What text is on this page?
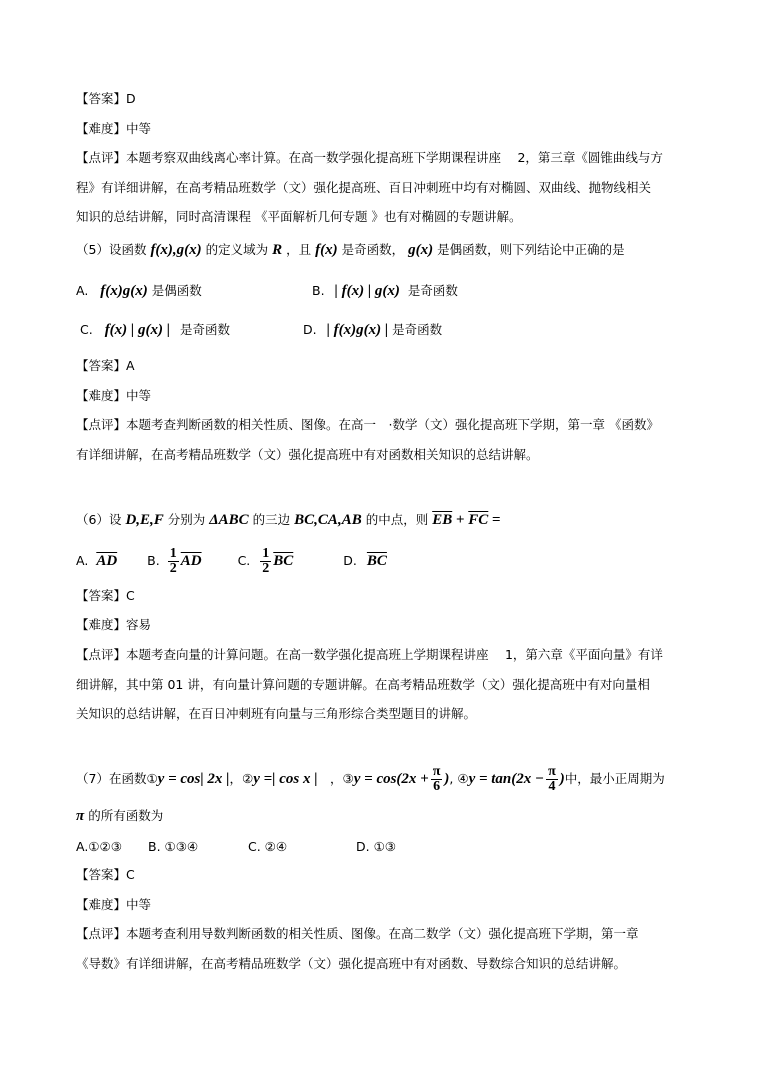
【答案】D
【难度】中等
【点评】本题考察双曲线离心率计算。在高一数学强化提高班下学期课程讲座　 2，第三章《圆锥曲线与方
程》有详细讲解，在高考精品班数学（文）强化提高班、百日冲刺班中均有对椭圆、双曲线、抛物线相关
知识的总结讲解，同时高清课程 《平面解析几何专题 》也有对椭圆的专题讲解。
（5）设函数 f(x),g(x) 的定义域为 R ，且 f(x) 是奇函数， g(x) 是偶函数，则下列结论中正确的是
A. f(x)g(x) 是偶函数	B. | f(x) | g(x) 是奇函数
C. f(x) | g(x) | 是奇函数	D. | f(x)g(x) | 是奇函数
【答案】A
【难度】中等
【点评】本题考查判断函数的相关性质、图像。在高一　·数学（文）强化提高班下学期，第一章 《函数》
有详细讲解，在高考精品班数学（文）强化提高班中有对函数相关知识的总结讲解。
（6）设 D,E,F 分别为 ΔABC 的三边 BC,CA,AB 的中点，则 $\overline{EB} + \overline{FC}$ =
A. $\overline{AD}$ B. $\frac{1}{2} \overline{AD}$	C. $\frac{1}{2} \overline{BC}$	D. $\overline{BC}$
【答案】C
【难度】容易
【点评】本题考查向量的计算问题。在高一数学强化提高班上学期课程讲座　 1，第六章《平面向量》有详
细讲解，其中第 01 讲，有向量计算问题的专题讲解。在高考精品班数学（文）强化提高班中有对向量相
关知识的总结讲解，在百日冲刺班有向量与三角形综合类型题目的讲解。
（7）在函数① y = cos| 2x | ，② y =| cos x | 　，③ $y = \cos(2x + \frac{\pi}{6}$ ) , ④ $y = \tan(2x - \frac{\pi}{4}$ ) 中，最小正周期为
π 的所有函数为
A.①②③ B. ①③④	C. ②④	D. ①③
【答案】C
【难度】中等
【点评】本题考查利用导数判断函数的相关性质、图像。在高二数学（文）强化提高班下学期，第一章
《导数》有详细讲解，在高考精品班数学（文）强化提高班中有对函数、导数综合知识的总结讲解。
